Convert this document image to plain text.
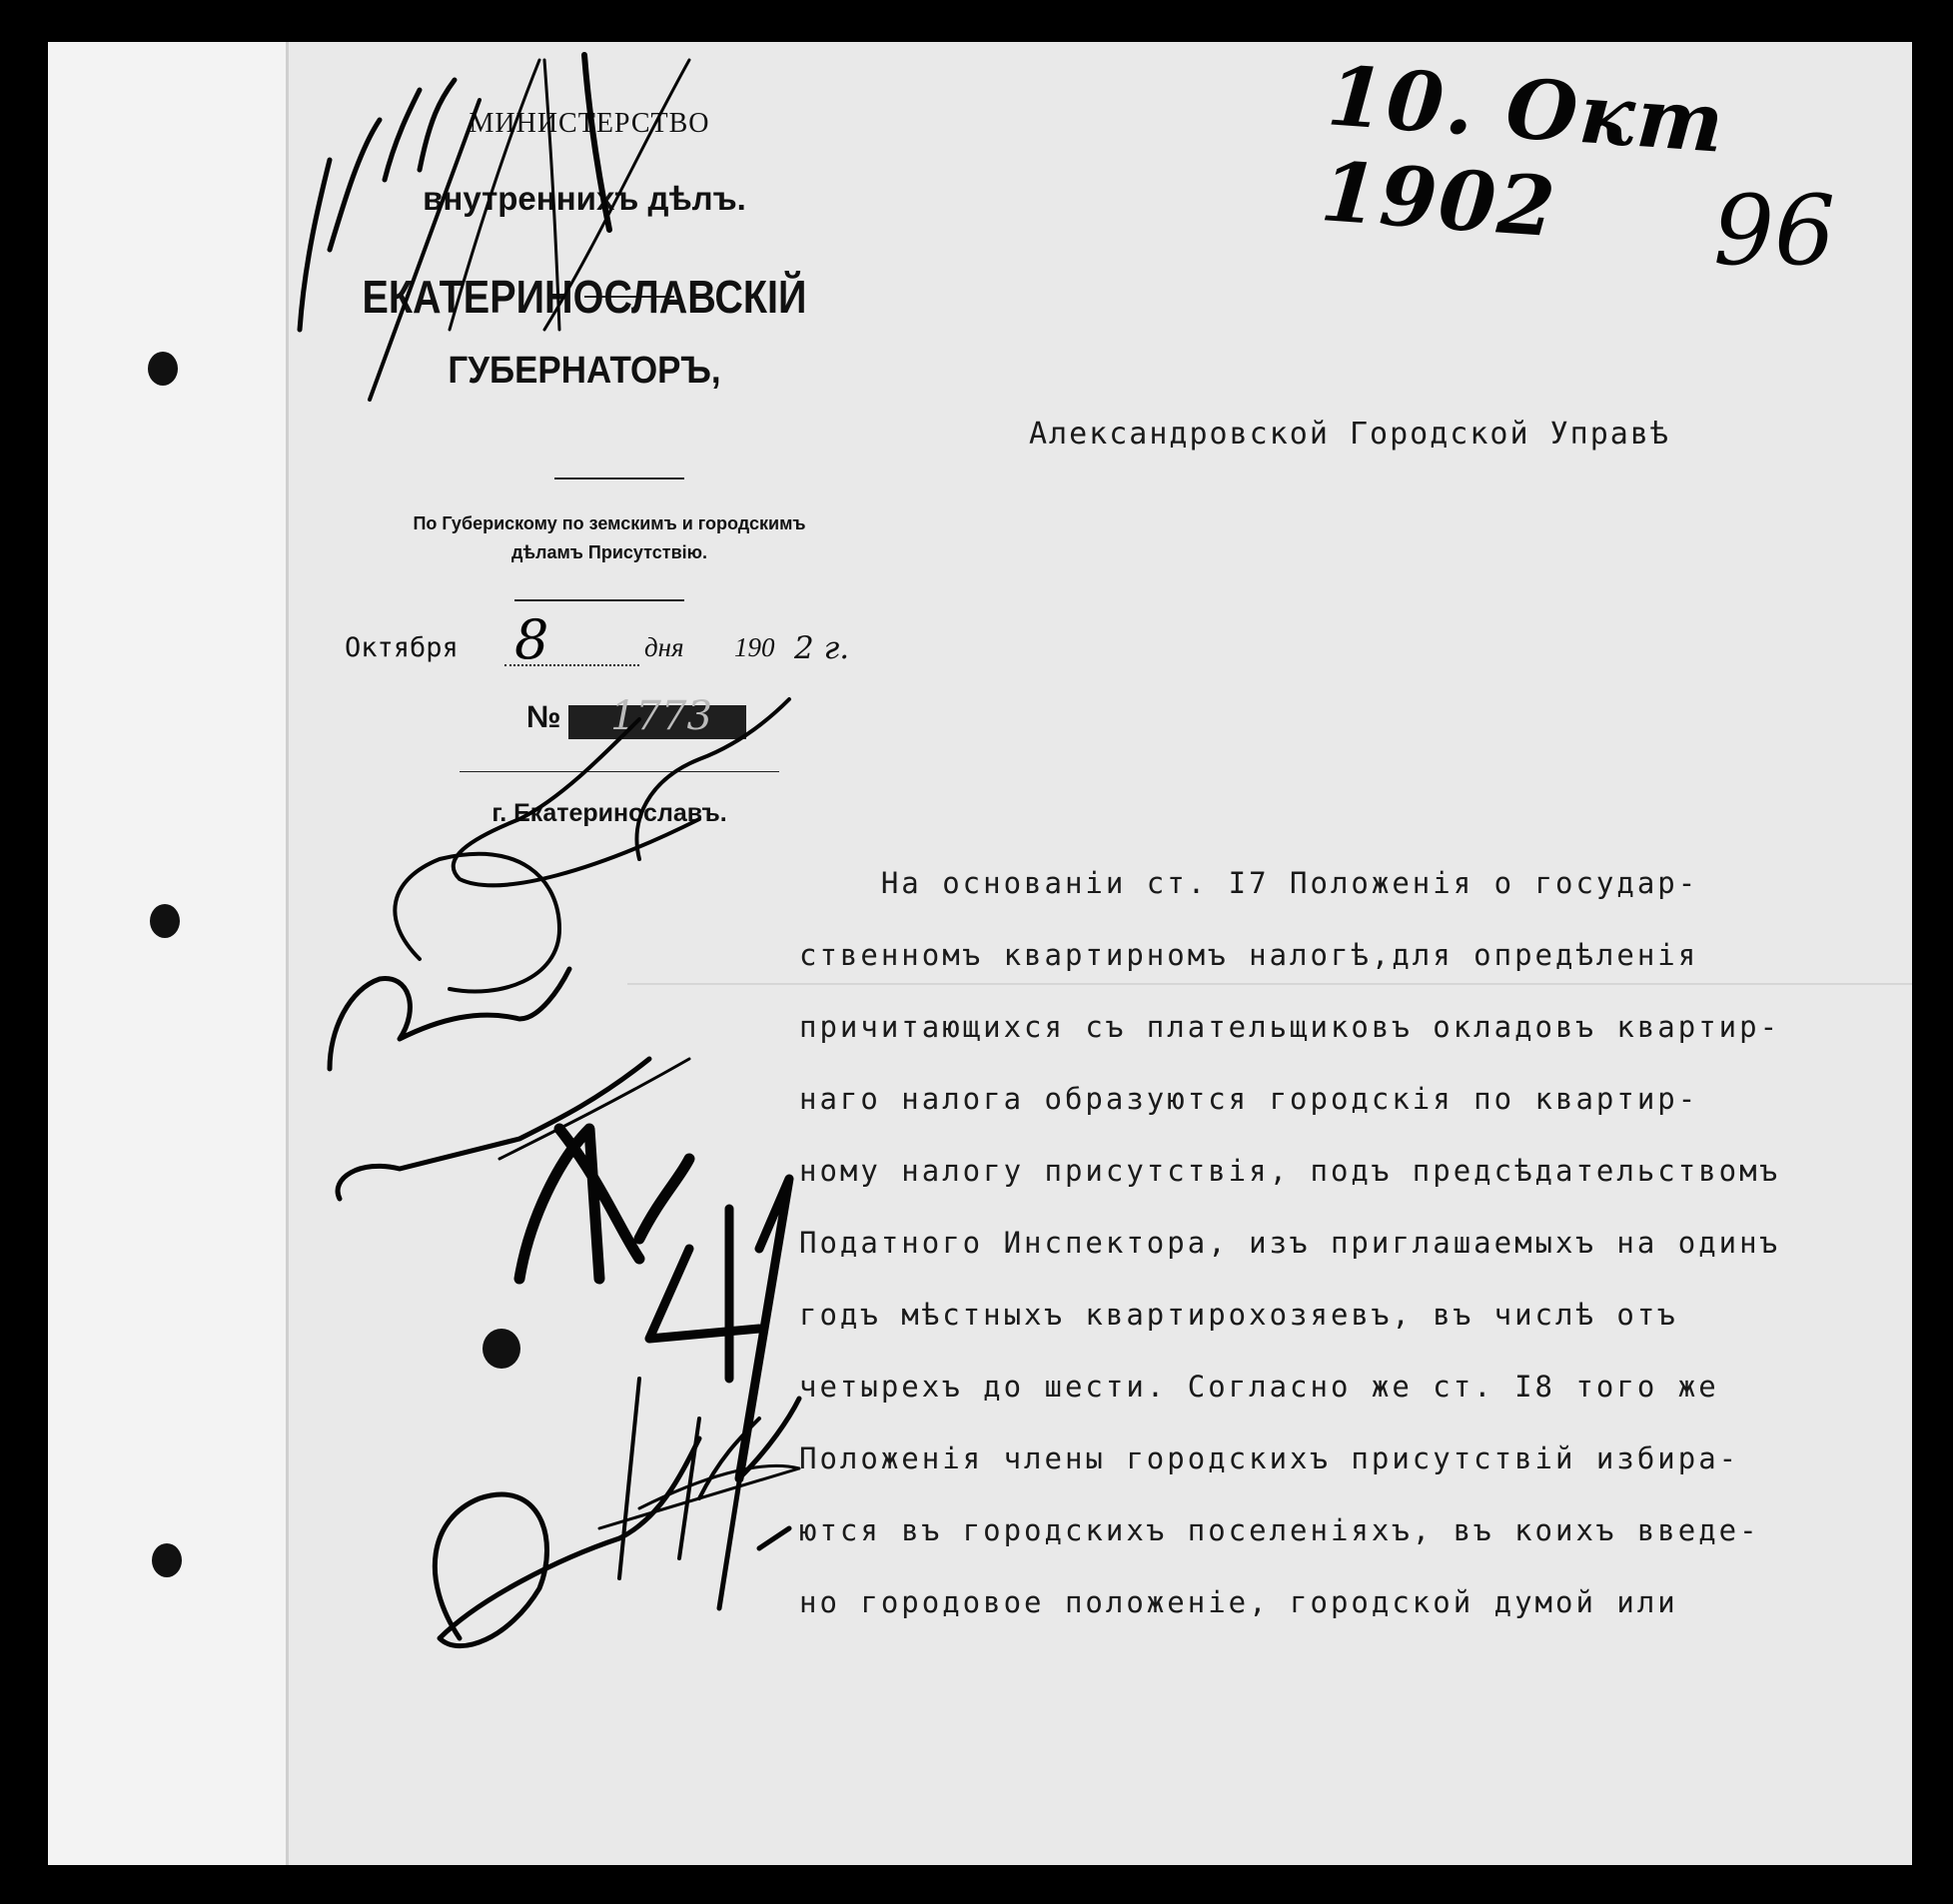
МИНИСТЕРСТВО
внутреннихъ дѣлъ.
ЕКАТЕРИНОСЛАВСКІЙ
ГУБЕРНАТОРЪ,
По Губерискому по земскимъ и городскимъ
дѣламъ Присутствію.
Октября 8	дня 190 2 г.
№	1773
г. Екатеринославъ.
10. Окт 1902	96
Александровской Городской Управѣ
На основаніи ст. I7 Положенія о государ-
ственномъ квартирномъ налогѣ,для опредѣленія
причитающихся съ плательщиковъ окладовъ квартир-
наго налога образуются городскія по квартир-
ному налогу присутствія, подъ предсѣдательствомъ
Податного Инспектора, изъ приглашаемыхъ на одинъ
годъ мѣстныхъ квартирохозяевъ, въ числѣ отъ
четырехъ до шести. Согласно же ст. I8 того же
Положенія члены городскихъ присутствій избира-
ются въ городскихъ поселеніяхъ, въ коихъ введе-
но городовое положеніе, городской думой или
